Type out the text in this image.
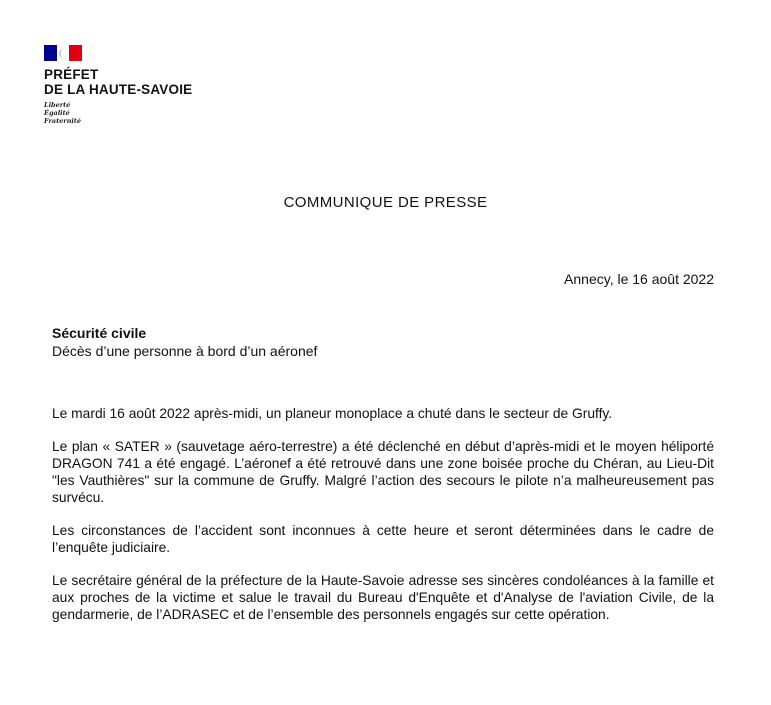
PRÉFET
DE LA HAUTE-SAVOIE
Liberté
Égalité
Fraternité
COMMUNIQUE DE PRESSE
Annecy, le 16 août 2022
Sécurité civile
Décès d’une personne à bord d’un aéronef

Le mardi 16 août 2022 après-midi, un planeur monoplace a chuté dans le secteur de Gruffy.

Le plan « SATER » (sauvetage aéro-terrestre) a été déclenché en début d’après-midi et le moyen héliporté DRAGON 741 a été engagé. L’aéronef a été retrouvé dans une zone boisée proche du Chéran, au Lieu-Dit "les Vauthières" sur la commune de Gruffy. Malgré l’action des secours le pilote n’a malheureusement pas survécu.

Les circonstances de l’accident sont inconnues à cette heure et seront déterminées dans le cadre de l’enquête judiciaire.

Le secrétaire général de la préfecture de la Haute-Savoie adresse ses sincères condoléances à la famille et aux proches de la victime et salue le travail du Bureau d'Enquête et d'Analyse de l'aviation Civile, de la gendarmerie, de l’ADRASEC et de l’ensemble des personnels engagés sur cette opération.
